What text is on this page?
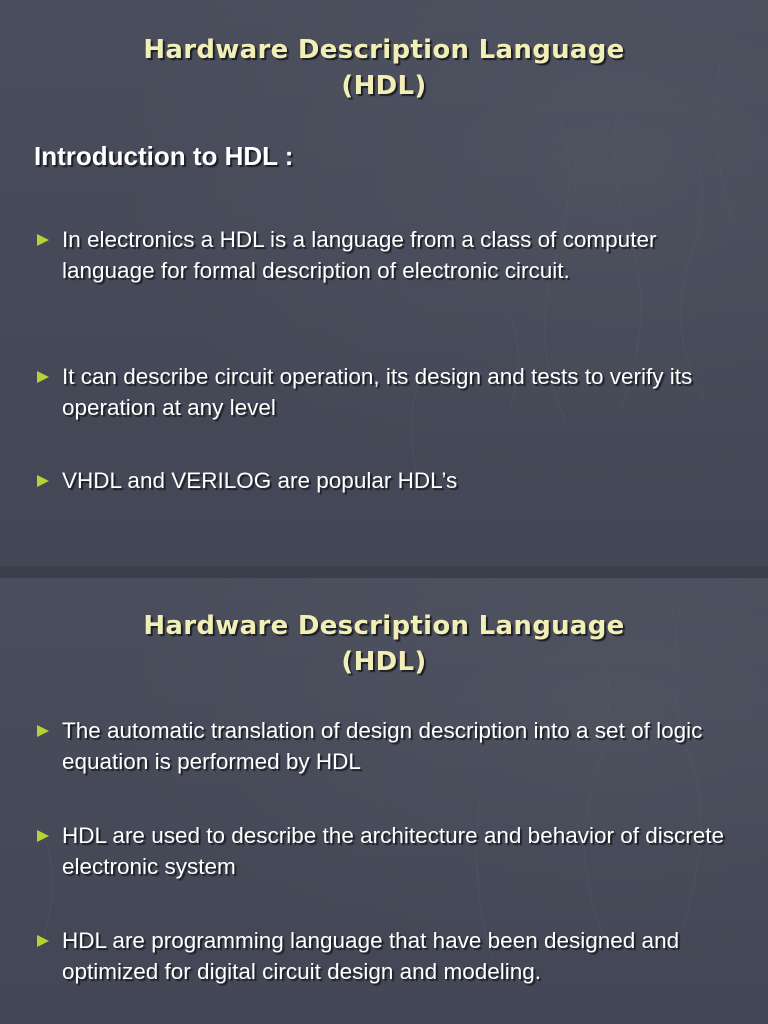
Hardware Description Language
(HDL)
Introduction to HDL :

In electronics a HDL is a language from a class of computer language for formal description of electronic circuit.

It can describe circuit operation, its design and tests to verify its operation at any level

VHDL and VERILOG are popular HDL’s

Hardware Description Language
(HDL)

The automatic translation of design description into a set of logic equation is performed by HDL

HDL are used to describe the architecture and behavior of discrete electronic system

HDL are programming language that have been designed and optimized for digital circuit design and modeling.
